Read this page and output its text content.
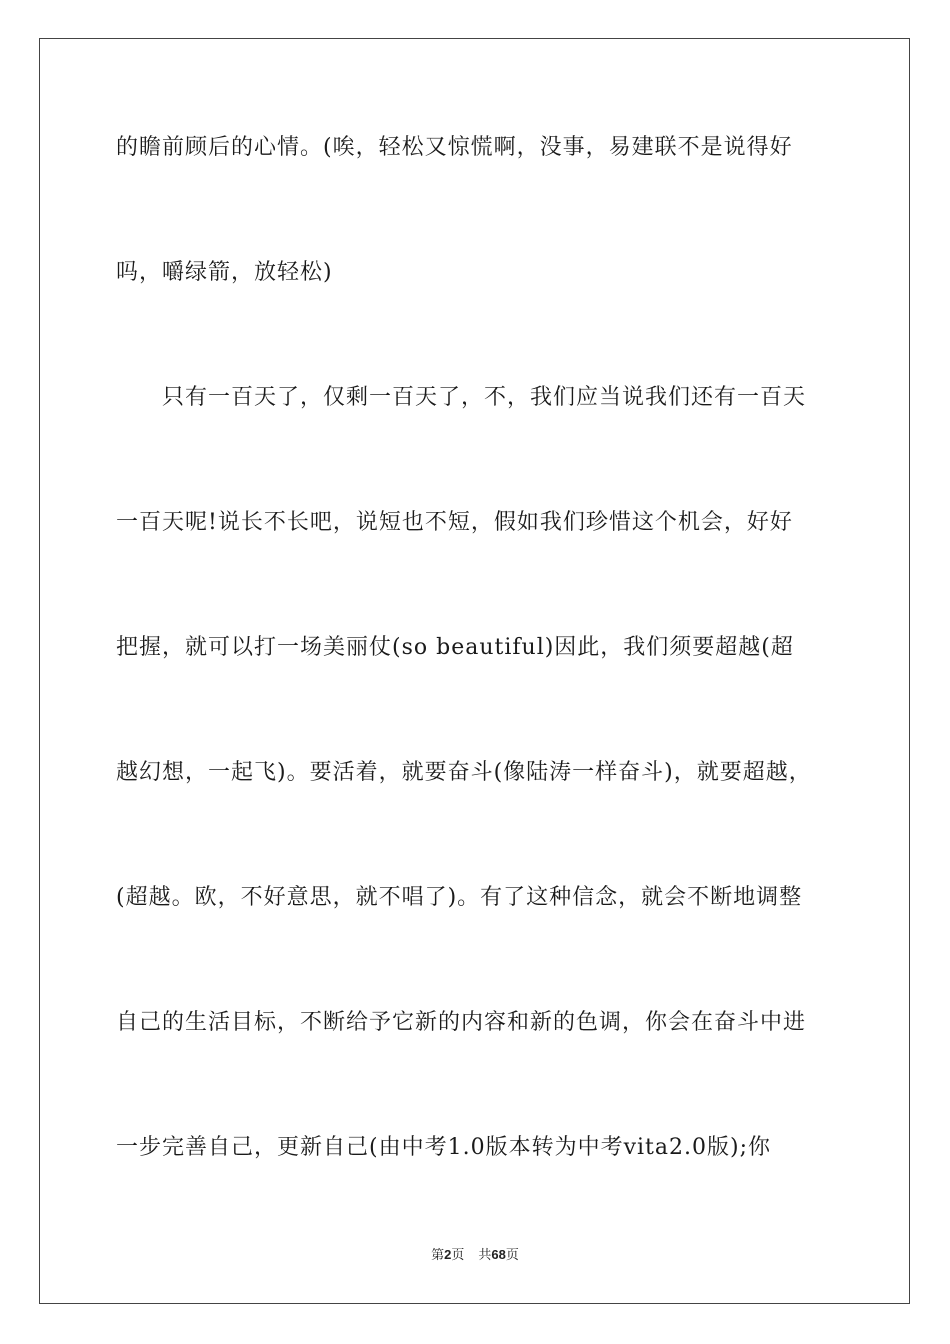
的瞻前顾后的心情。(唉，轻松又惊慌啊，没事，易建联不是说得好
吗，嚼绿箭，放轻松)
只有一百天了，仅剩一百天了，不，我们应当说我们还有一百天
一百天呢!说长不长吧，说短也不短，假如我们珍惜这个机会，好好
把握，就可以打一场美丽仗(so beautiful)因此，我们须要超越(超
越幻想，一起飞)。要活着，就要奋斗(像陆涛一样奋斗)，就要超越，
(超越。欧，不好意思，就不唱了)。有了这种信念，就会不断地调整
自己的生活目标，不断给予它新的内容和新的色调，你会在奋斗中进
一步完善自己，更新自己(由中考1.0版本转为中考vita2.0版);你
第2页 共68页
